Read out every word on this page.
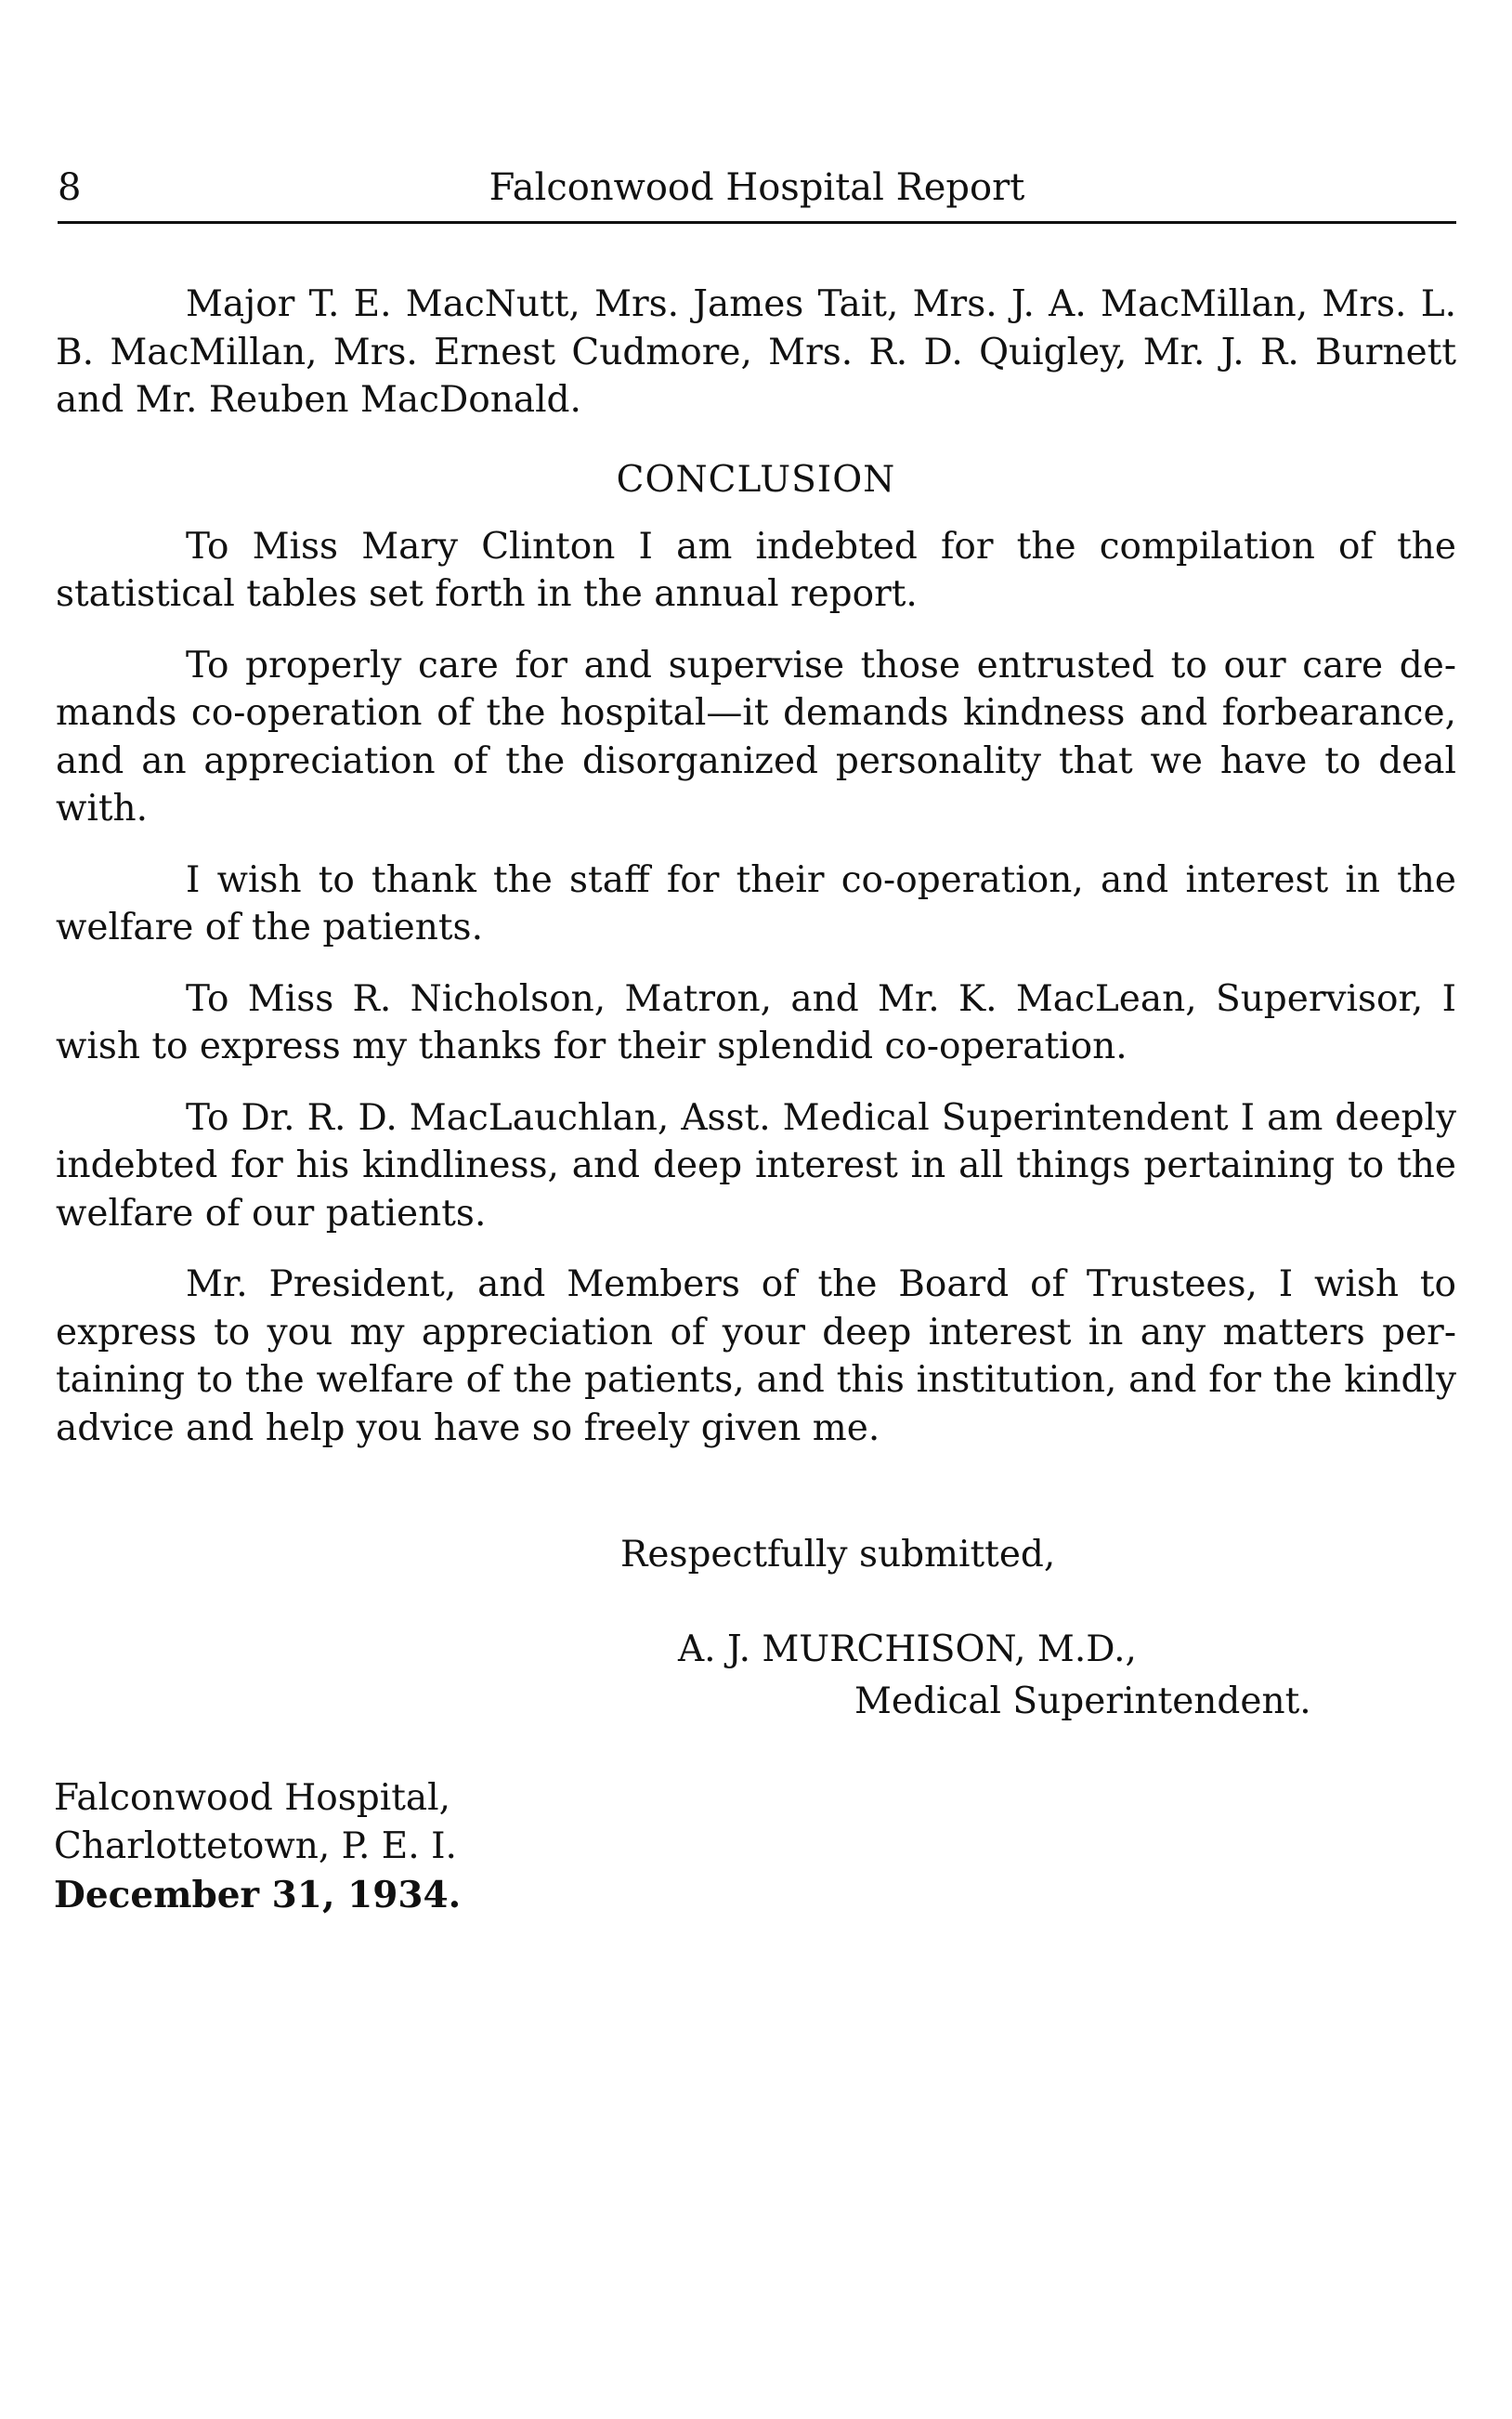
8	Falconwood Hospital Report

Major T. E. MacNutt, Mrs. James Tait, Mrs. J. A. MacMillan, Mrs. L. B. MacMillan, Mrs. Ernest Cudmore, Mrs. R. D. Quigley, Mr. J. R. Burnett and Mr. Reuben MacDonald.

CONCLUSION

To Miss Mary Clinton I am indebted for the compilation of the statistical tables set forth in the annual report.

To properly care for and supervise those entrusted to our care demands co-operation of the hospital—it demands kindness and forbearance, and an appreciation of the disorganized personality that we have to deal with.

I wish to thank the staff for their co-operation, and interest in the welfare of the patients.

To Miss R. Nicholson, Matron, and Mr. K. MacLean, Supervisor, I wish to express my thanks for their splendid co-operation.

To Dr. R. D. MacLauchlan, Asst. Medical Superintendent I am deeply indebted for his kindliness, and deep interest in all things pertaining to the welfare of our patients.

Mr. President, and Members of the Board of Trustees, I wish to express to you my appreciation of your deep interest in any matters pertaining to the welfare of the patients, and this institution, and for the kindly advice and help you have so freely given me.

Respectfully submitted,
A. J. MURCHISON, M.D.,
Medical Superintendent.
Falconwood Hospital,
Charlottetown, P. E. I.
December 31, 1934.
